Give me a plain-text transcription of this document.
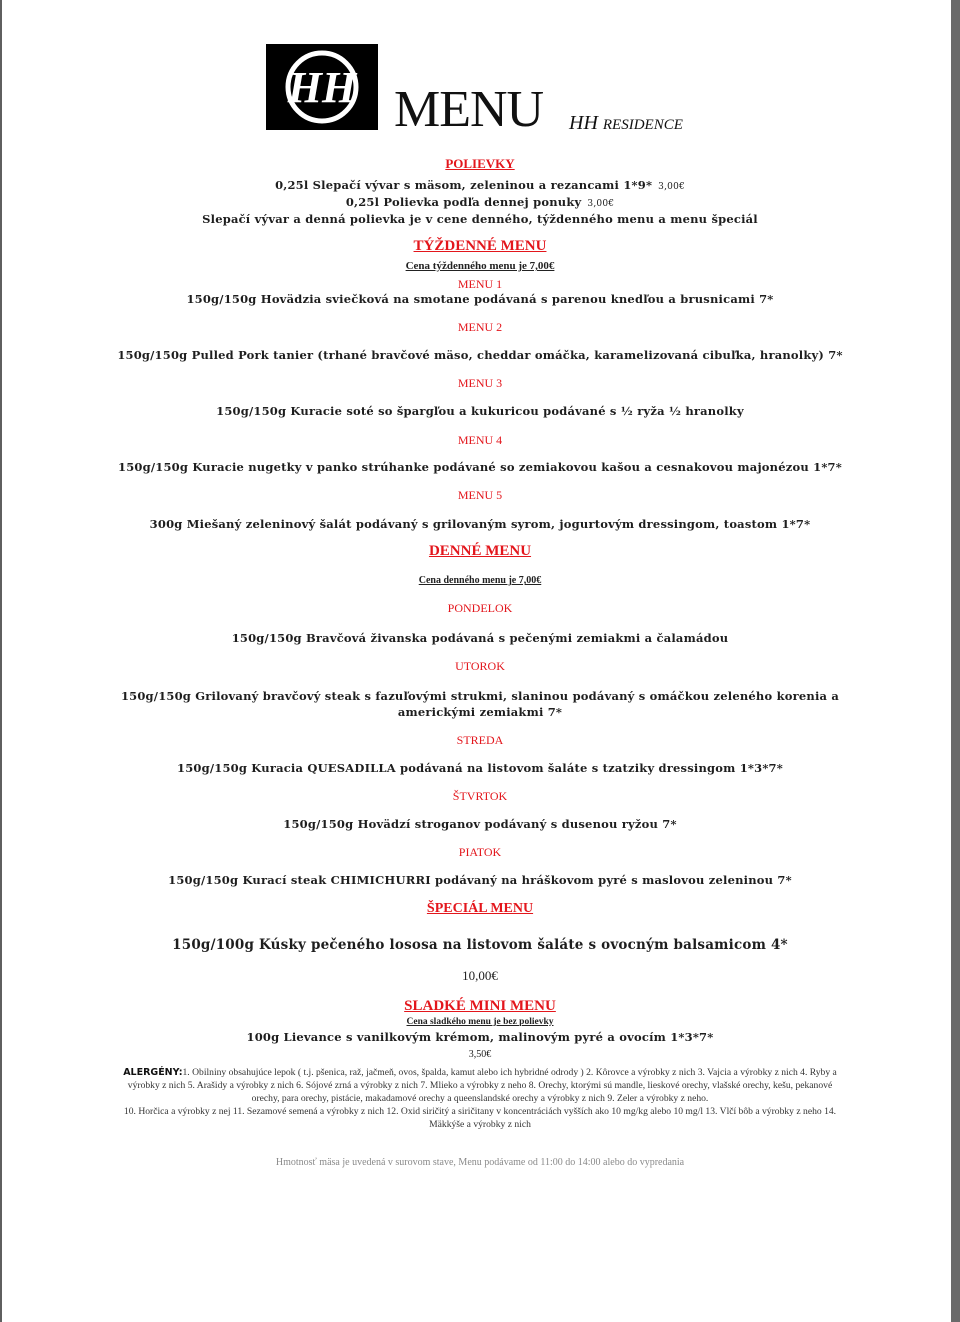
HH MENU HH RESIDENCE
POLIEVKY
0,25l Slepačí vývar s mäsom, zeleninou a rezancami 1*9* 3,00€
0,25l Polievka podľa dennej ponuky 3,00€
Slepačí vývar a denná polievka je v cene denného, týždenného menu a menu špeciál
TÝŽDENNÉ MENU
Cena týždenného menu je 7,00€
MENU 1
150g/150g Hovädzia sviečková na smotane podávaná s parenou knedľou a brusnicami 7*
MENU 2
150g/150g Pulled Pork tanier (trhané bravčové mäso, cheddar omáčka, karamelizovaná cibuľka, hranolky) 7*
MENU 3
150g/150g Kuracie soté so špargľou a kukuricou podávané s ½ ryža ½ hranolky
MENU 4
150g/150g Kuracie nugetky v panko strúhanke podávané so zemiakovou kašou a cesnakovou majonézou 1*7*
MENU 5
300g Miešaný zeleninový šalát podávaný s grilovaným syrom, jogurtovým dressingom, toastom 1*7*
DENNÉ MENU
Cena denného menu je 7,00€
PONDELOK
150g/150g Bravčová živanska podávaná s pečenými zemiakmi a čalamádou
UTOROK
150g/150g Grilovaný bravčový steak s fazuľovými strukmi, slaninou podávaný s omáčkou zeleného korenia a
americkými zemiakmi 7*
STREDA
150g/150g Kuracia QUESADILLA podávaná na listovom šaláte s tzatziky dressingom 1*3*7*
ŠTVRTOK
150g/150g Hovädzí stroganov podávaný s dusenou ryžou 7*
PIATOK
150g/150g Kurací steak CHIMICHURRI podávaný na hráškovom pyré s maslovou zeleninou 7*
ŠPECIÁL MENU
150g/100g Kúsky pečeného lososa na listovom šaláte s ovocným balsamicom 4*
10,00€
SLADKÉ MINI MENU
Cena sladkého menu je bez polievky
100g Lievance s vanilkovým krémom, malinovým pyré a ovocím 1*3*7*
3,50€
ALERGÉNY:1. Obilniny obsahujúce lepok ( t.j. pšenica, raž, jačmeň, ovos, špalda, kamut alebo ich hybridné odrody ) 2. Kôrovce a výrobky z nich 3. Vajcia a výrobky z nich 4. Ryby a výrobky z nich 5. Arašidy a výrobky z nich 6. Sójové zrná a výrobky z nich 7. Mlieko a výrobky z neho 8. Orechy, ktorými sú mandle, lieskové orechy, vlašské orechy, kešu, pekanové orechy, para orechy, pistácie, makadamové orechy a queenslandské orechy a výrobky z nich 9. Zeler a výrobky z neho.
10. Horčica a výrobky z nej 11. Sezamové semená a výrobky z nich 12. Oxid siričitý a siričitany v koncentráciách vyšších ako 10 mg/kg alebo 10 mg/l 13. Vlčí bôb a výrobky z neho 14. Mäkkýše a výrobky z nich
Hmotnosť mäsa je uvedená v surovom stave, Menu podávame od 11:00 do 14:00 alebo do vypredania
